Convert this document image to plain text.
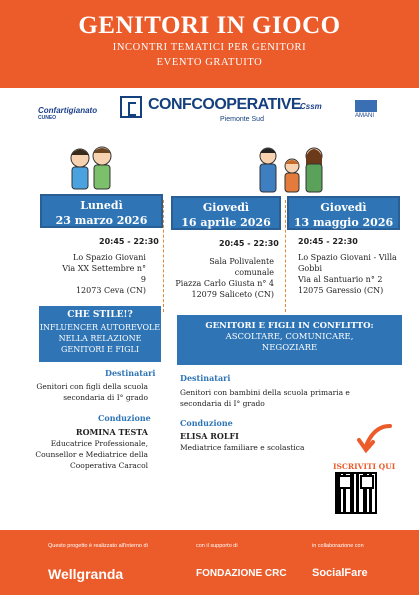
GENITORI IN GIOCO
INCONTRI TEMATICI PER GENITORI
EVENTO GRATUITO
Confartigianato
CUNEO
CONFCOOPERATIVE
Piemonte Sud
Cssm
AMANI
Lunedì
23 marzo 2026
Giovedì
16 aprile 2026
Giovedì
13 maggio 2026
20:45 - 22:30
Lo Spazio Giovani
Via XX Settembre n° 9
12073 Ceva (CN)
20:45 - 22:30
Sala Polivalente
comunale
Piazza Carlo Giusta n° 4
12079 Saliceto (CN)
20:45 - 22:30
Lo Spazio Giovani - Villa
Gobbi
Via al Santuario n° 2
12075 Garessio (CN)
CHE STILE!?
INFLUENCER AUTOREVOLE
NELLA RELAZIONE
GENITORI E FIGLI
Destinatari
Genitori con figli della scuola
secondaria di I° grado
Conduzione
ROMINA TESTA
Educatrice Professionale,
Counsellor e Mediatrice della
Cooperativa Caracol
GENITORI E FIGLI IN CONFLITTO:
ASCOLTARE, COMUNICARE,
NEGOZIARE
Destinatari
Genitori con bambini della scuola primaria e
secondaria di I° grado
Conduzione
ELISA ROLFI
Mediatrice familiare e scolastica
ISCRIVITI QUI
Questo progetto è realizzato all'interno di
Wellgranda
con il supporto di
FONDAZIONE CRC
in collaborazione con
SocialFare
